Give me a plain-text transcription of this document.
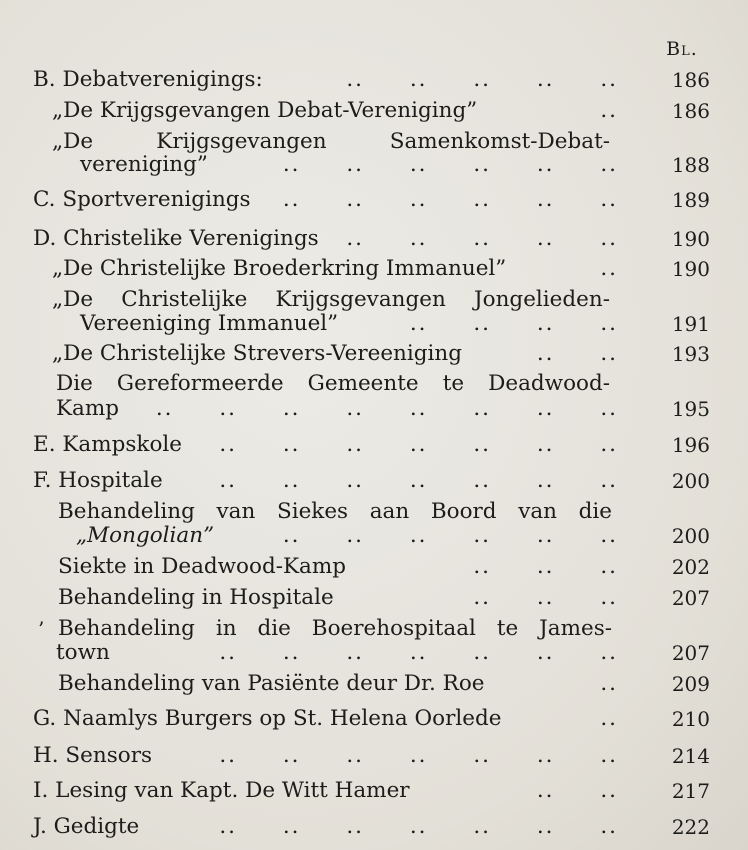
Bl.
B. Debatverenigings:	.. .. .. .. ..	186
„De Krijgsgevangen Debat-Vereniging”	..	186
„De Krijgsgevangen Samenkomst-Debat-
vereniging”	.. .. .. .. .. ..	188
C. Sportverenigings .. .. .. .. .. ..	189
D. Christelike Verenigings .. .. .. .. ..	190
„De Christelijke Broederkring Immanuel”	..	190
„De Christelijke Krijgsgevangen Jongelieden-
Vereeniging Immanuel”	.. .. .. ..	191
„De Christelijke Strevers-Vereeniging	.. ..	193
Die Gereformeerde Gemeente te Deadwood-
Kamp .. .. .. .. .. .. .. ..	195
E. Kampskole .. .. .. .. .. .. ..	196
F. Hospitale	.. .. .. .. .. .. ..	200
Behandeling van Siekes aan Boord van die
„Mongolian”	.. .. .. .. .. ..	200
Siekte in Deadwood-Kamp	.. .. ..	202
Behandeling in Hospitale	.. .. ..	207
’ Behandeling in die Boerehospitaal te James-
town	.. .. .. .. .. .. ..	207
Behandeling van Pasiënte deur Dr. Roe	..	209
G. Naamlys Burgers op St. Helena Oorlede	..	210
H. Sensors	.. .. .. .. .. .. ..	214
I. Lesing van Kapt. De Witt Hamer	.. ..	217
J. Gedigte	.. .. .. .. .. .. ..	222
